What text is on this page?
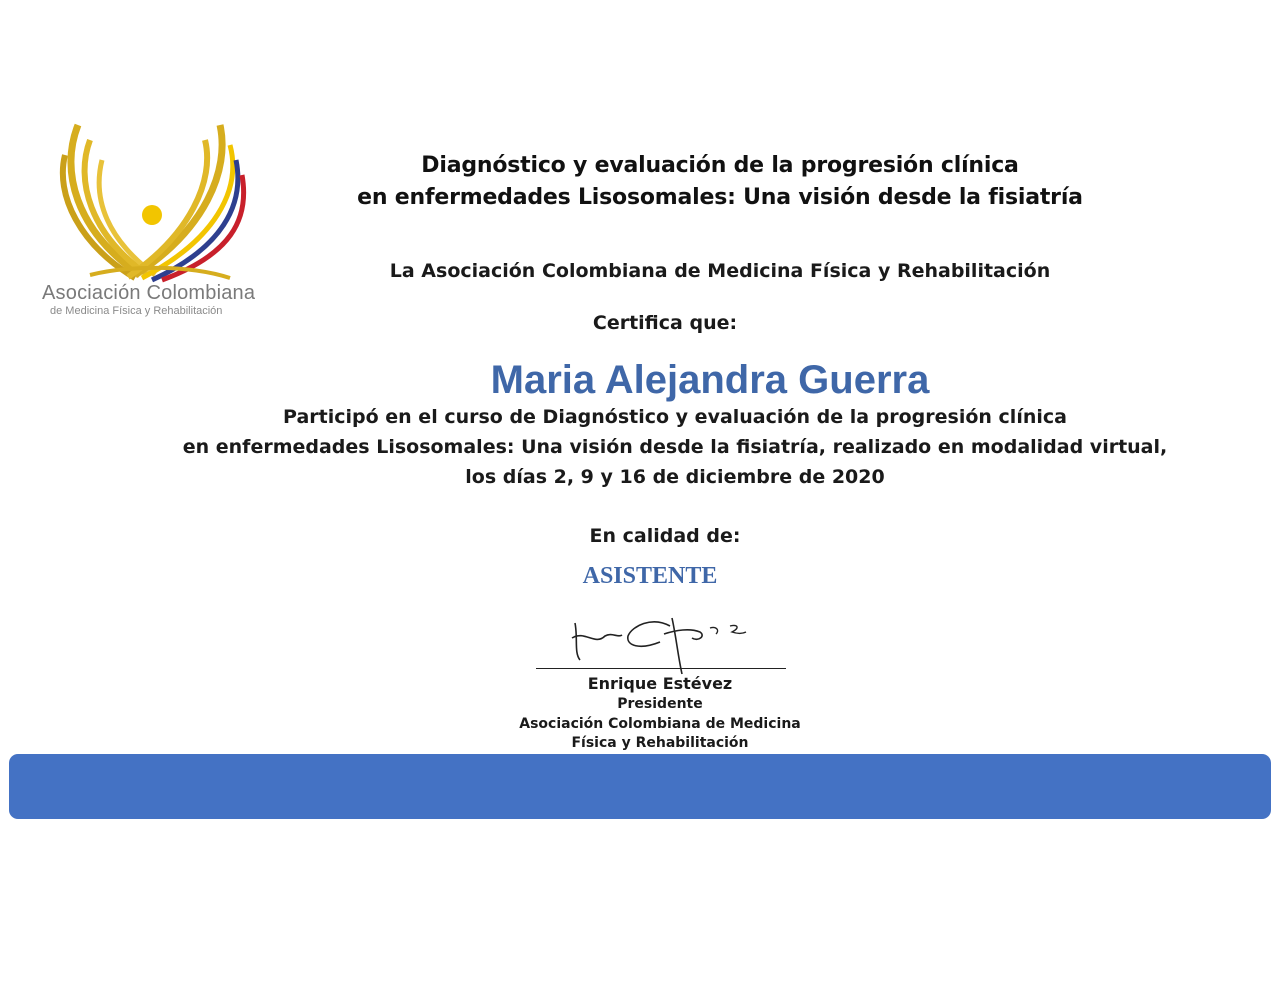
Asociación Colombiana
de Medicina Física y Rehabilitación
Diagnóstico y evaluación de la progresión clínica
en enfermedades Lisosomales: Una visión desde la fisiatría
La Asociación Colombiana de Medicina Física y Rehabilitación
Certifica que:
Maria Alejandra Guerra
Participó en el curso de Diagnóstico y evaluación de la progresión clínica
en enfermedades Lisosomales: Una visión desde la fisiatría, realizado en modalidad virtual,
los días 2, 9 y 16 de diciembre de 2020
En calidad de:
ASISTENTE
Enrique Estévez
Presidente
Asociación Colombiana de Medicina
Física y Rehabilitación
